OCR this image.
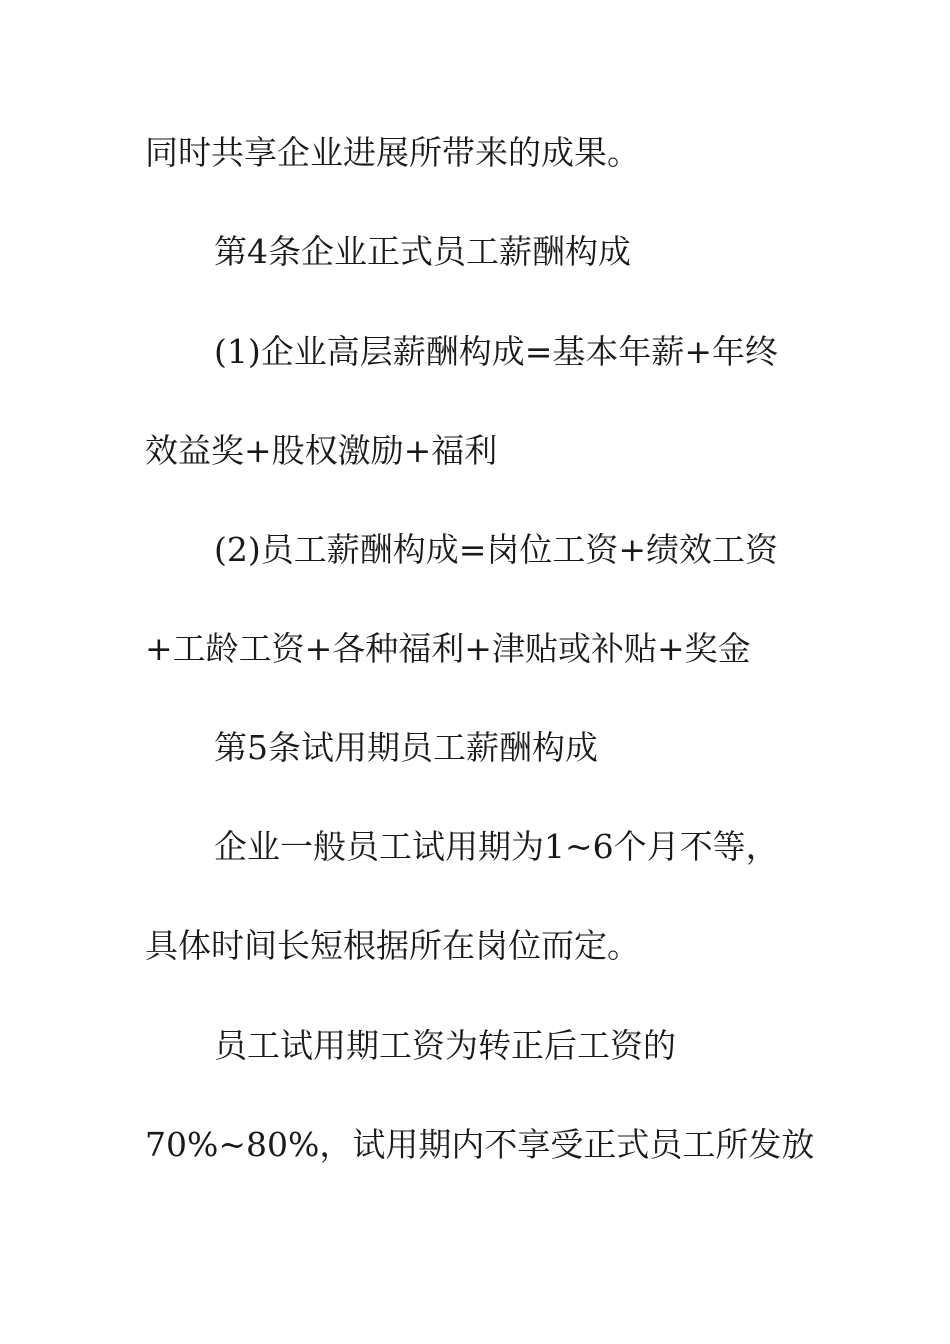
同时共享企业进展所带来的成果。

第4条企业正式员工薪酬构成

(1)企业高层薪酬构成=基本年薪+年终

效益奖+股权激励+福利

(2)员工薪酬构成=岗位工资+绩效工资

+工龄工资+各种福利+津贴或补贴+奖金

第5条试用期员工薪酬构成

企业一般员工试用期为1~6个月不等，

具体时间长短根据所在岗位而定。

员工试用期工资为转正后工资的

70%~80%，试用期内不享受正式员工所发放
